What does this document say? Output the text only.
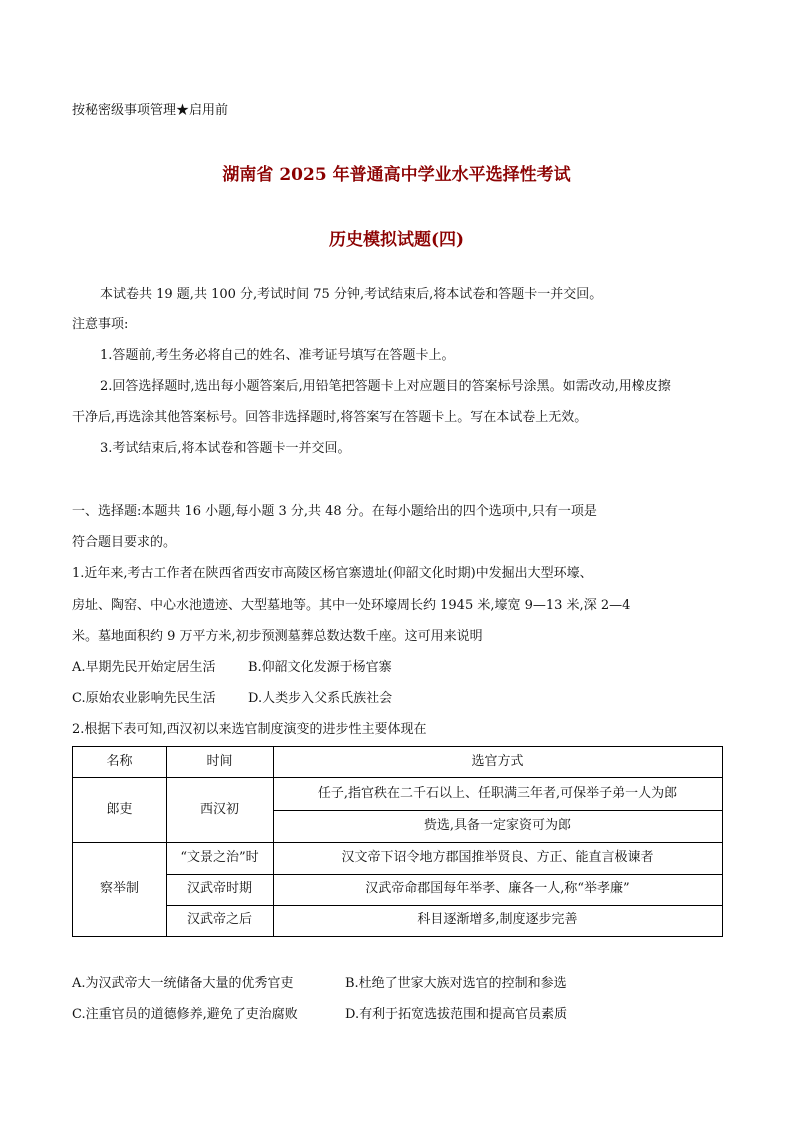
按秘密级事项管理★启用前
湖南省 2025 年普通高中学业水平选择性考试
历史模拟试题(四)
本试卷共 19 题,共 100 分,考试时间 75 分钟,考试结束后,将本试卷和答题卡一并交回。
注意事项:
1.答题前,考生务必将自己的姓名、准考证号填写在答题卡上。
2.回答选择题时,选出每小题答案后,用铅笔把答题卡上对应题目的答案标号涂黑。如需改动,用橡皮擦
干净后,再选涂其他答案标号。回答非选择题时,将答案写在答题卡上。写在本试卷上无效。
3.考试结束后,将本试卷和答题卡一并交回。
一、选择题:本题共 16 小题,每小题 3 分,共 48 分。在每小题给出的四个选项中,只有一项是
符合题目要求的。
1.近年来,考古工作者在陕西省西安市高陵区杨官寨遗址(仰韶文化时期)中发掘出大型环壕、
房址、陶窑、中心水池遗迹、大型墓地等。其中一处环壕周长约 1945 米,壕宽 9—13 米,深 2—4
米。墓地面积约 9 万平方米,初步预测墓葬总数达数千座。这可用来说明
A.早期先民开始定居生活 B.仰韶文化发源于杨官寨
C.原始农业影响先民生活 D.人类步入父系氏族社会
2.根据下表可知,西汉初以来选官制度演变的进步性主要体现在
名称	时间	选官方式
郎吏	西汉初
任子,指官秩在二千石以上、任职满三年者,可保举子弟一人为郎
赀选,具备一定家资可为郎
察举制
“文景之治”时	汉文帝下诏令地方郡国推举贤良、方正、能直言极谏者
汉武帝时期	汉武帝命郡国每年举孝、廉各一人,称“举孝廉”
汉武帝之后	科目逐渐增多,制度逐步完善
A.为汉武帝大一统储备大量的优秀官吏	B.杜绝了世家大族对选官的控制和参选
C.注重官员的道德修养,避免了吏治腐败	D.有利于拓宽选拔范围和提高官员素质
